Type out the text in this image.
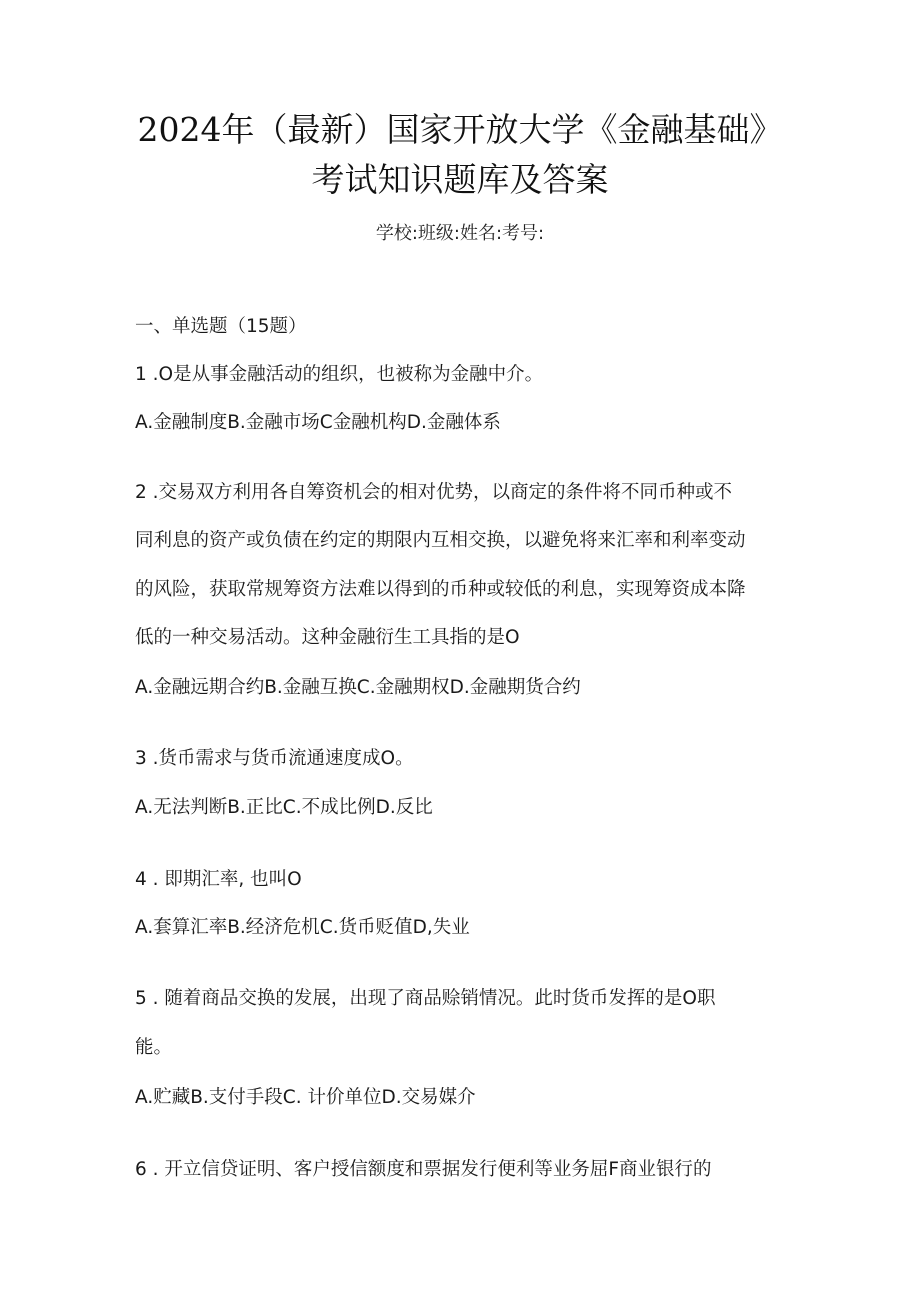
2024年（最新）国家开放大学《金融基础》
考试知识题库及答案
学校:班级:姓名:考号:
一、单选题（15题）
1 .O是从事金融活动的组织，也被称为金融中介。
A.金融制度B.金融市场C金融机构D.金融体系
2 .交易双方利用各自筹资机会的相对优势，以商定的条件将不同币种或不
同利息的资产或负债在约定的期限内互相交换，以避免将来汇率和利率变动
的风险，获取常规筹资方法难以得到的币种或较低的利息，实现筹资成本降
低的一种交易活动。这种金融衍生工具指的是O
A.金融远期合约B.金融互换C.金融期权D.金融期货合约
3 .货币需求与货币流通速度成O。
A.无法判断B.正比C.不成比例D.反比
4 . 即期汇率, 也叫O
A.套算汇率B.经济危机C.货币贬值D,失业
5 . 随着商品交换的发展，出现了商品赊销情况。此时货币发挥的是O职
能。
A.贮藏B.支付手段C. 计价单位D.交易媒介
6 . 开立信贷证明、客户授信额度和票据发行便利等业务屈F商业银行的
